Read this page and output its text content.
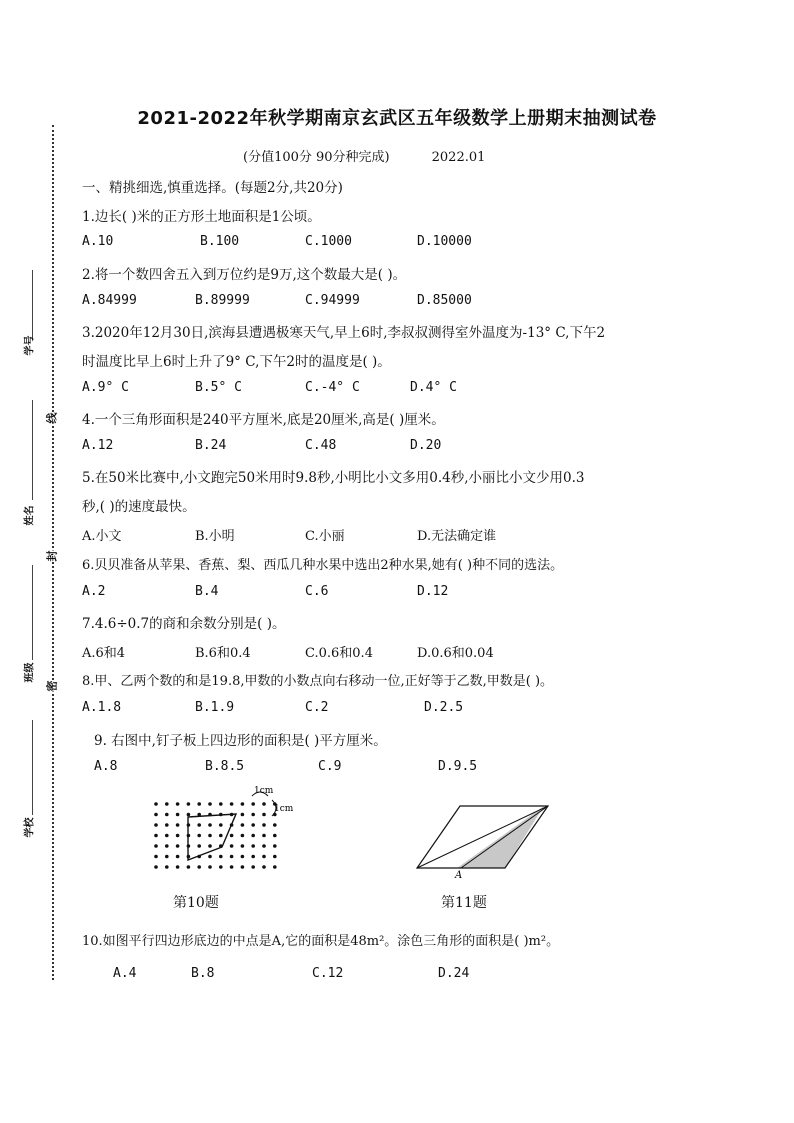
学号
姓名
班级
学校
线
封
密
2021-2022年秋学期南京玄武区五年级数学上册期末抽测试卷
(分值100分 90分种完成)	2022.01
一、精挑细选,慎重选择。(每题2分,共20分)
1.边长( )米的正方形土地面积是1公顷。
A.10	B.100	C.1000	D.10000
2.将一个数四舍五入到万位约是9万,这个数最大是( )。
A.84999	B.89999	C.94999	D.85000
3.2020年12月30日,滨海县遭遇极寒天气,早上6时,李叔叔测得室外温度为-13° C,下午2
时温度比早上6时上升了9° C,下午2时的温度是( )。
A.9° C	B.5° C	C.-4° C	D.4° C
4.一个三角形面积是240平方厘米,底是20厘米,高是( )厘米。
A.12	B.24	C.48	D.20
5.在50米比赛中,小文跑完50米用时9.8秒,小明比小文多用0.4秒,小丽比小文少用0.3
秒,( )的速度最快。
A.小文	B.小明	C.小丽	D.无法确定谁
6.贝贝准备从苹果、香蕉、梨、西瓜几种水果中选出2种水果,她有( )种不同的选法。
A.2	B.4	C.6	D.12
7.4.6÷0.7的商和余数分别是( )。
A.6和4	B.6和0.4	C.0.6和0.4	D.0.6和0.04
8.甲、乙两个数的和是19.8,甲数的小数点向右移动一位,正好等于乙数,甲数是( )。
A.1.8	B.1.9	C.2	D.2.5
9. 右图中,钉子板上四边形的面积是( )平方厘米。
A.8	B.8.5	C.9	D.9.5
1cm
1cm
第10题
A
第11题
10.如图平行四边形底边的中点是A,它的面积是48m²。涂色三角形的面积是( )m²。
A.4	B.8	C.12	D.24
